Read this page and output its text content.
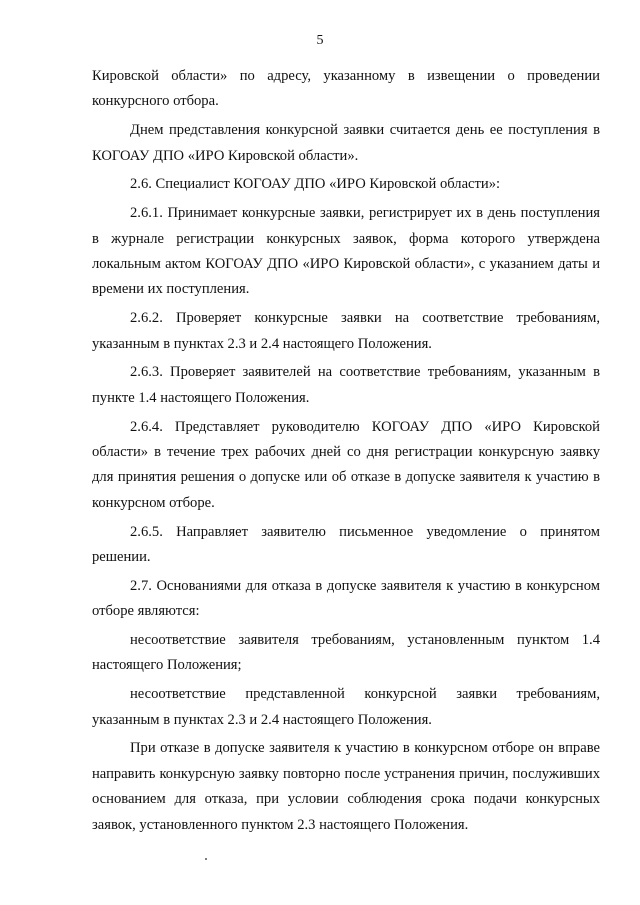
5

Кировской области» по адресу, указанному в извещении о проведении конкурсного отбора.

Днем представления конкурсной заявки считается день ее поступления в КОГОАУ ДПО «ИРО Кировской области».

2.6. Специалист КОГОАУ ДПО «ИРО Кировской области»:

2.6.1. Принимает конкурсные заявки, регистрирует их в день поступления в журнале регистрации конкурсных заявок, форма которого утверждена локальным актом КОГОАУ ДПО «ИРО Кировской области», с указанием даты и времени их поступления.

2.6.2. Проверяет конкурсные заявки на соответствие требованиям, указанным в пунктах 2.3 и 2.4 настоящего Положения.

2.6.3. Проверяет заявителей на соответствие требованиям, указанным в пункте 1.4 настоящего Положения.

2.6.4. Представляет руководителю КОГОАУ ДПО «ИРО Кировской области» в течение трех рабочих дней со дня регистрации конкурсную заявку для принятия решения о допуске или об отказе в допуске заявителя к участию в конкурсном отборе.

2.6.5. Направляет заявителю письменное уведомление о принятом решении.

2.7. Основаниями для отказа в допуске заявителя к участию в конкурсном отборе являются:

несоответствие заявителя требованиям, установленным пунктом 1.4 настоящего Положения;

несоответствие представленной конкурсной заявки требованиям, указанным в пунктах 2.3 и 2.4 настоящего Положения.

При отказе в допуске заявителя к участию в конкурсном отборе он вправе направить конкурсную заявку повторно после устранения причин, послуживших основанием для отказа, при условии соблюдения срока подачи конкурсных заявок, установленного пунктом 2.3 настоящего Положения.
